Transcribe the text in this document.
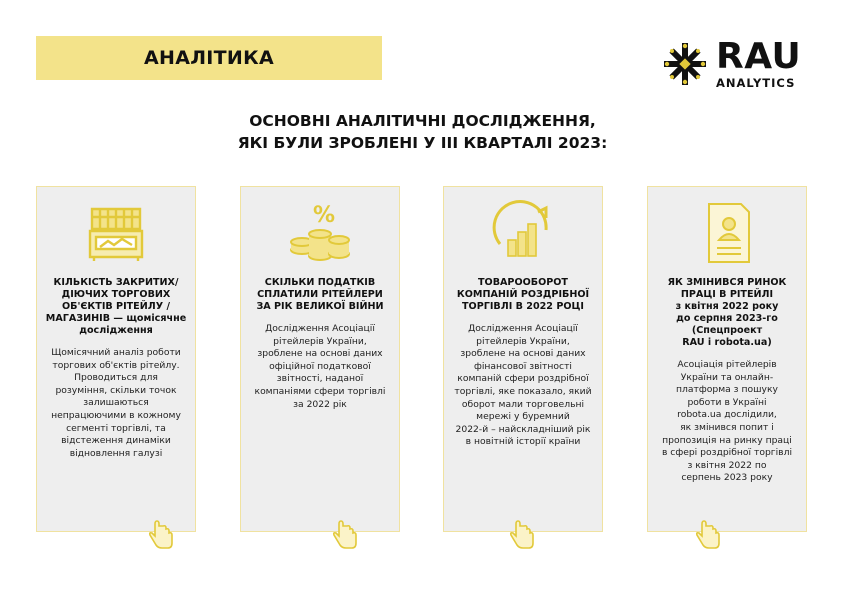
АНАЛІТИКА	RAU
ANALYTICS
ОСНОВНІ АНАЛІТИЧНІ ДОСЛІДЖЕННЯ,
ЯКІ БУЛИ ЗРОБЛЕНІ У ІІІ КВАРТАЛІ 2023:
КІЛЬКІСТЬ ЗАКРИТИХ/
ДІЮЧИХ ТОРГОВИХ
ОБ'ЄКТІВ РІТЕЙЛУ /
МАГАЗИНІВ — щомісячне
дослідження
Щомісячний аналіз роботи
торгових об'єктів рітейлу.
Проводиться для
розуміння, скільки точок
залишаються
непрацюючими в кожному
сегменті торгівлі, та
відстеження динаміки
відновлення галузі
%
СКІЛЬКИ ПОДАТКІВ
СПЛАТИЛИ РІТЕЙЛЕРИ
ЗА РІК ВЕЛИКОЇ ВІЙНИ
Дослідження Асоціації
рітейлерів України,
зроблене на основі даних
офіційної податкової
звітності, наданої
компаніями сфери торгівлі
за 2022 рік
ТОВАРООБОРОТ
КОМПАНІЙ РОЗДРІБНОЇ
ТОРГІВЛІ В 2022 РОЦІ
Дослідження Асоціації
рітейлерів України,
зроблене на основі даних
фінансової звітності
компаній сфери роздрібної
торгівлі, яке показало, який
оборот мали торговельні
мережі у буремний
2022-й – найскладніший рік
в новітній історії країни
ЯК ЗМІНИВСЯ РИНОК
ПРАЦІ В РІТЕЙЛІ
з квітня 2022 року
до серпня 2023-го
(Спецпроект
RAU і robota.ua)
Асоціація рітейлерів
України та онлайн-
платформа з пошуку
роботи в Україні
robota.ua дослідили,
як змінився попит і
пропозиція на ринку праці
в сфері роздрібної торгівлі
з квітня 2022 по
серпень 2023 року
